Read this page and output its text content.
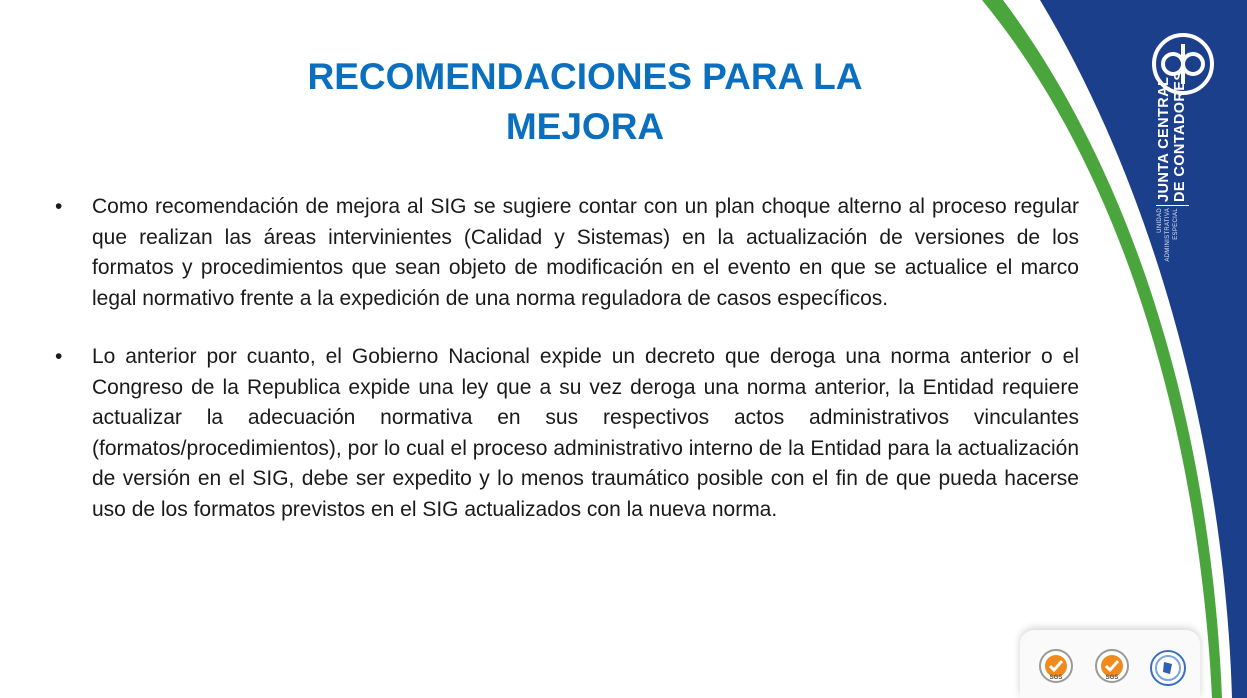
UNIDAD ADMINISTRATIVA ESPECIAL
JUNTA CENTRAL DE CONTADORES
RECOMENDACIONES PARA LA
MEJORA
• Como recomendación de mejora al SIG se sugiere contar con un plan choque alterno al proceso regular que realizan las áreas intervinientes (Calidad y Sistemas) en la actualización de versiones de los formatos y procedimientos que sean objeto de modificación en el evento en que se actualice el marco legal normativo frente a la expedición de una norma reguladora de casos específicos.
• Lo anterior por cuanto, el Gobierno Nacional expide un decreto que deroga una norma anterior o el Congreso de la Republica expide una ley que a su vez deroga una norma anterior, la Entidad requiere actualizar la adecuación normativa en sus respectivos actos administrativos vinculantes (formatos/procedimientos), por lo cual el proceso administrativo interno de la Entidad para la actualización de versión en el SIG, debe ser expedito y lo menos traumático posible con el fin de que pueda hacerse uso de los formatos previstos en el SIG actualizados con la nueva norma.
SGS	SGS
